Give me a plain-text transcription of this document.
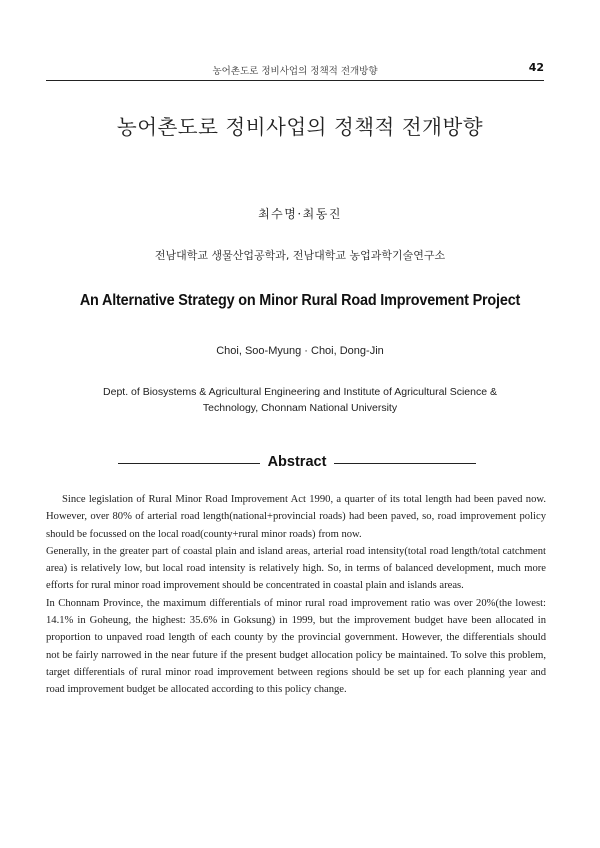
농어촌도로 정비사업의 정책적 전개방향	42
농어촌도로 정비사업의 정책적 전개방향
최수명·최동진
전남대학교 생물산업공학과, 전남대학교 농업과학기술연구소
An Alternative Strategy on Minor Rural Road Improvement Project
Choi, Soo-Myung · Choi, Dong-Jin
Dept. of Biosystems & Agricultural Engineering and Institute of Agricultural Science &
Technology, Chonnam National University
Abstract

Since legislation of Rural Minor Road Improvement Act 1990, a quarter of its total length had been paved now. However, over 80% of arterial road length(national+provincial roads) had been paved, so, road improvement policy should be focussed on the local road(county+rural minor roads) from now.

Generally, in the greater part of coastal plain and island areas, arterial road intensity(total road length/total catchment area) is relatively low, but local road intensity is relatively high. So, in terms of balanced development, much more efforts for rural minor road improvement should be concentrated in coastal plain and islands areas.

In Chonnam Province, the maximum differentials of minor rural road improvement ratio was over 20%(the lowest: 14.1% in Goheung, the highest: 35.6% in Goksung) in 1999, but the improvement budget have been allocated in proportion to unpaved road length of each county by the provincial government. However, the differentials should not be fairly narrowed in the near future if the present budget allocation policy be maintained. To solve this problem, target differentials of rural minor road improvement between regions should be set up for each planning year and road improvement budget be allocated according to this policy change.
